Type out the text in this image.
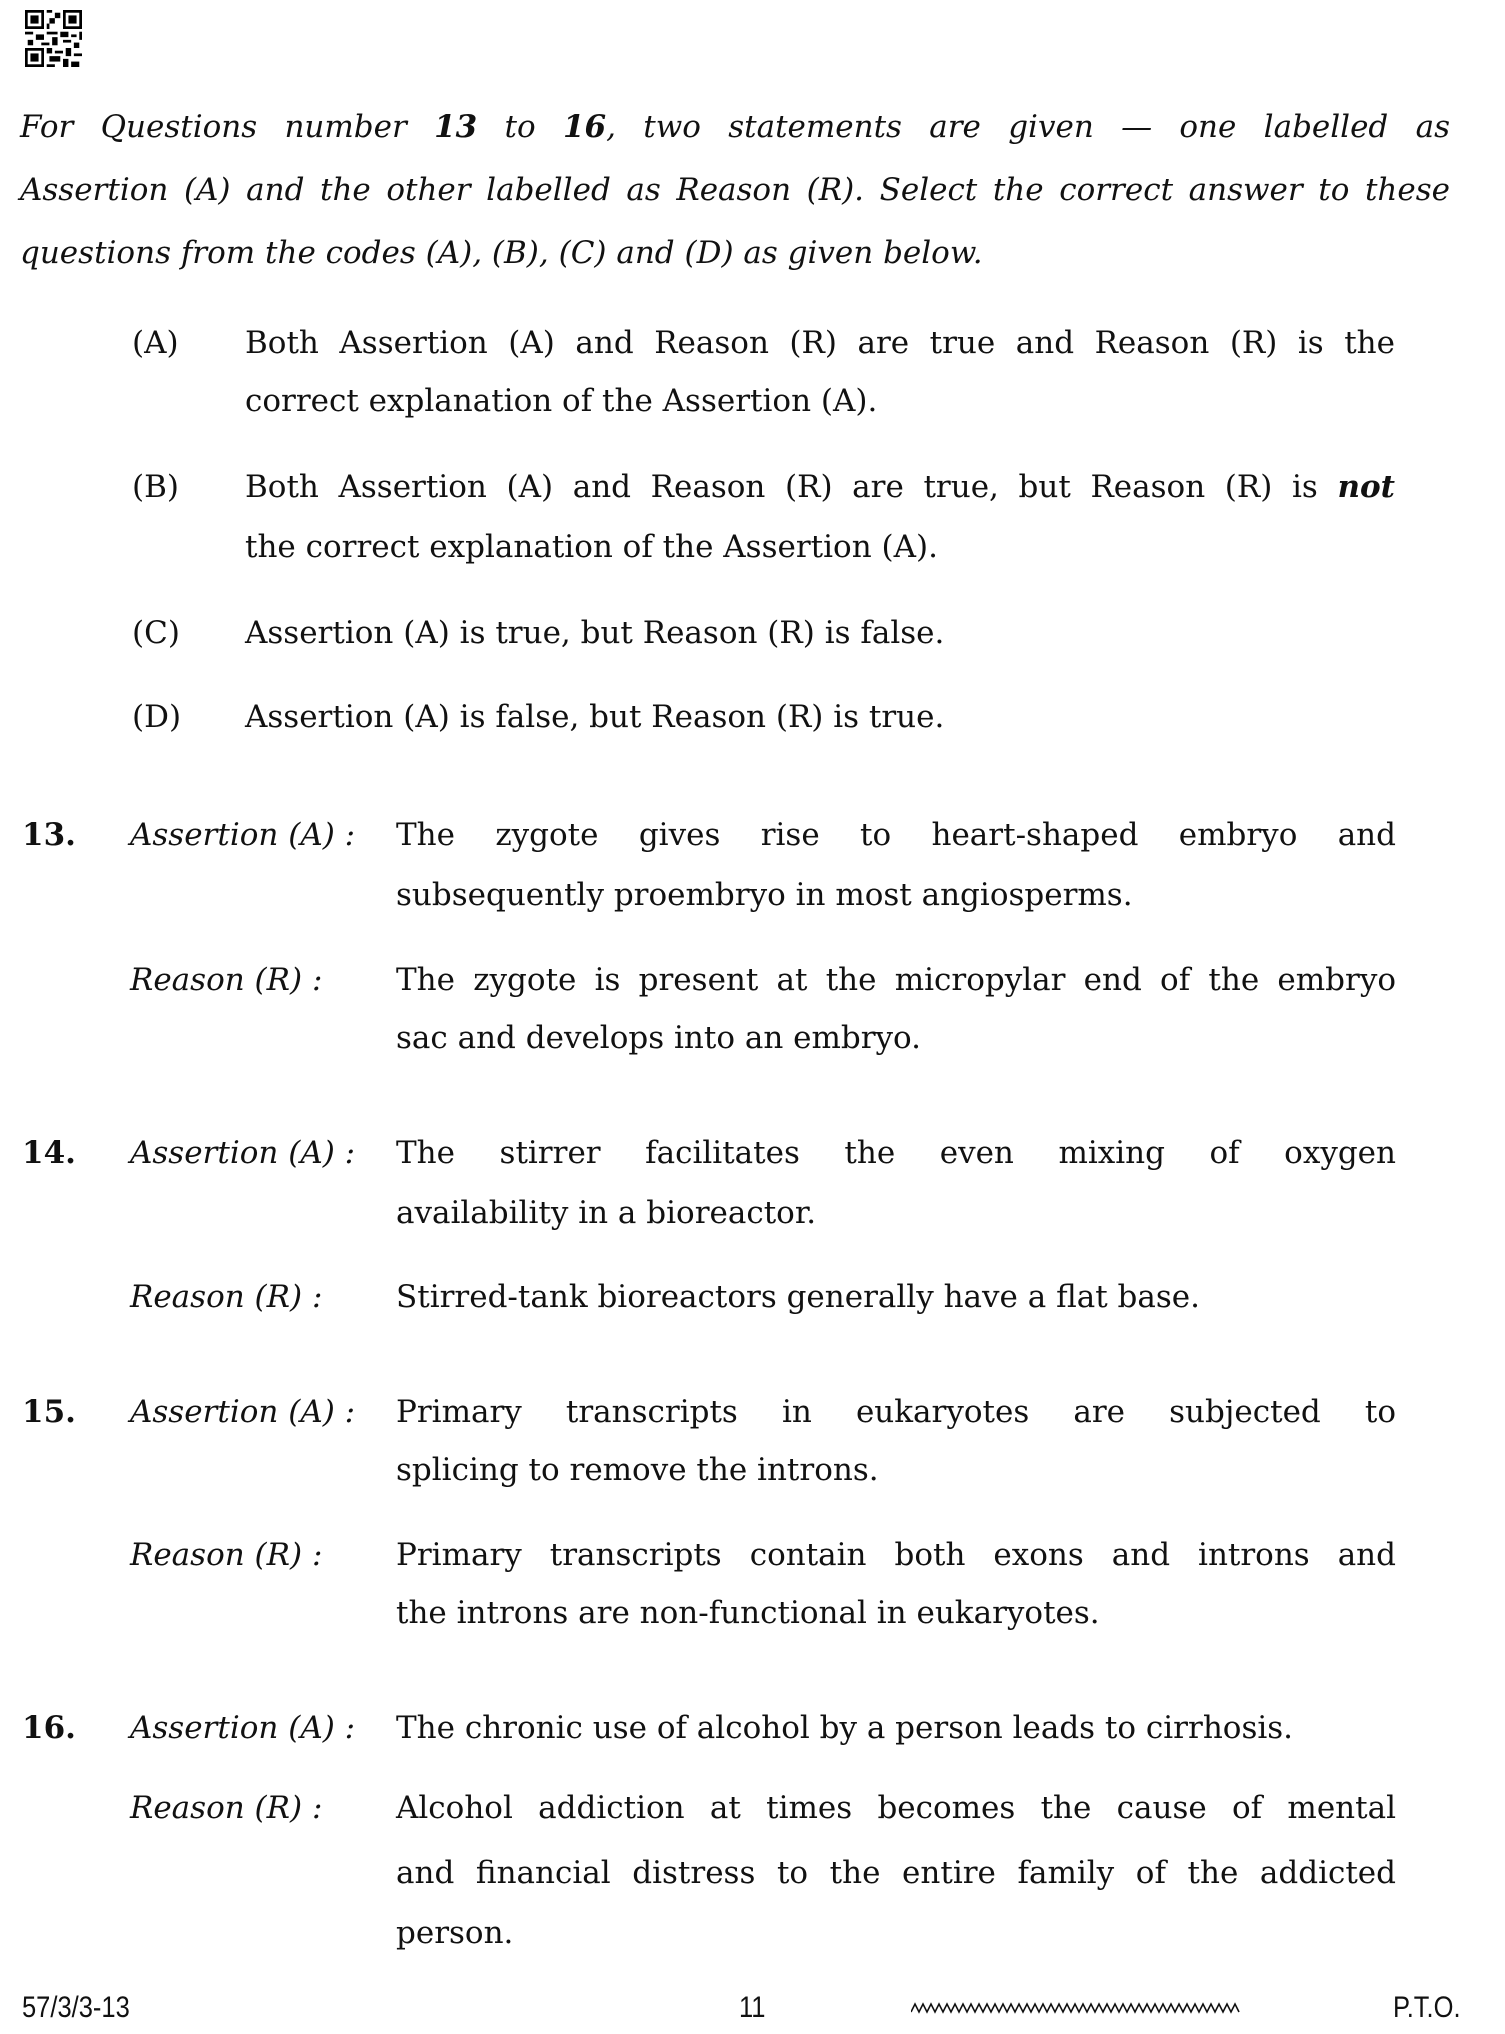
For Questions number 13 to 16, two statements are given — one labelled as
Assertion (A) and the other labelled as Reason (R). Select the correct answer to these
questions from the codes (A), (B), (C) and (D) as given below.
(A) Both Assertion (A) and Reason (R) are true and Reason (R) is the
correct explanation of the Assertion (A).
(B) Both Assertion (A) and Reason (R) are true, but Reason (R) is not
the correct explanation of the Assertion (A).
(C) Assertion (A) is true, but Reason (R) is false.
(D) Assertion (A) is false, but Reason (R) is true.
13. Assertion (A) : The zygote gives rise to heart-shaped embryo and
subsequently proembryo in most angiosperms.
Reason (R) : The zygote is present at the micropylar end of the embryo
sac and develops into an embryo.
14. Assertion (A) : The stirrer facilitates the even mixing of oxygen
availability in a bioreactor.
Reason (R) : Stirred-tank bioreactors generally have a flat base.
15. Assertion (A) : Primary transcripts in eukaryotes are subjected to
splicing to remove the introns.
Reason (R) : Primary transcripts contain both exons and introns and
the introns are non-functional in eukaryotes.
16. Assertion (A) : The chronic use of alcohol by a person leads to cirrhosis.
Reason (R) : Alcohol addiction at times becomes the cause of mental
and financial distress to the entire family of the addicted
person.
57/3/3-13	11	P.T.O.
